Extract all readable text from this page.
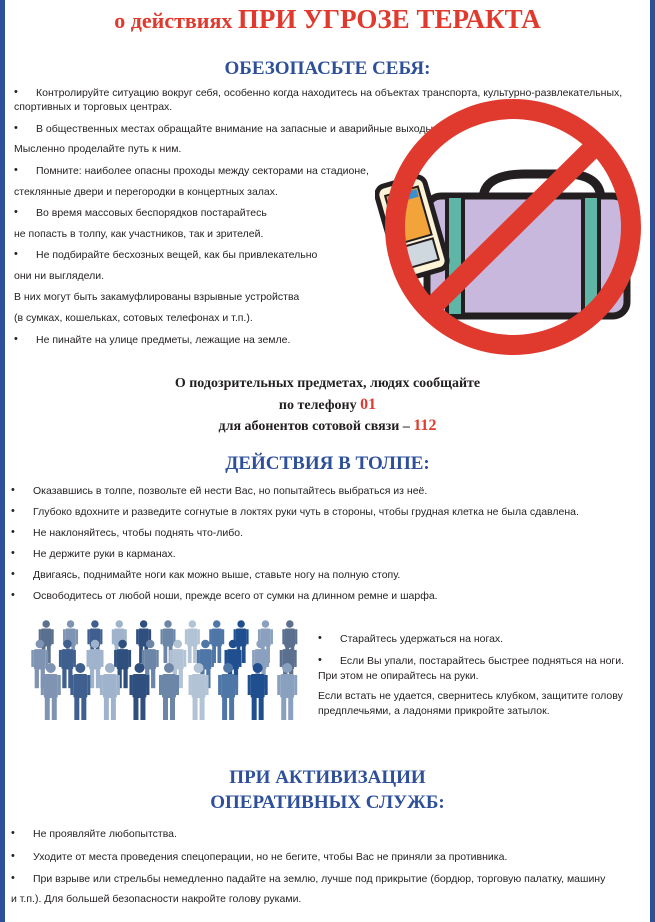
о действиях ПРИ УГРОЗЕ ТЕРАКТА
ОБЕЗОПАСЬТЕ СЕБЯ:
• Контролируйте ситуацию вокруг себя, особенно когда находитесь на объектах транспорта, культурно-развлекательных,
спортивных и торговых центрах.
• В общественных местах обращайте внимание на запасные и аварийные выходы.
Мысленно проделайте путь к ним.
• Помните: наиболее опасны проходы между секторами на стадионе,
стеклянные двери и перегородки в концертных залах.
• Во время массовых беспорядков постарайтесь
не попасть в толпу, как участников, так и зрителей.
• Не подбирайте бесхозных вещей, как бы привлекательно
они ни выглядели.
В них могут быть закамуфлированы взрывные устройства
(в сумках, кошельках, сотовых телефонах и т.п.).
• Не пинайте на улице предметы, лежащие на земле.
О подозрительных предметах, людях сообщайте
по телефону 01
для абонентов сотовой связи – 112
ДЕЙСТВИЯ В ТОЛПЕ:
• Оказавшись в толпе, позвольте ей нести Вас, но попытайтесь выбраться из неё.
• Глубоко вдохните и разведите согнутые в локтях руки чуть в стороны, чтобы грудная клетка не была сдавлена.
• Не наклоняйтесь, чтобы поднять что-либо.
• Не держите руки в карманах.
• Двигаясь, поднимайте ноги как можно выше, ставьте ногу на полную стопу.
• Освободитесь от любой ноши, прежде всего от сумки на длинном ремне и шарфа.
• Старайтесь удержаться на ногах.
• Если Вы упали, постарайтесь быстрее подняться на ноги.
При этом не опирайтесь на руки.
Если встать не удается, свернитесь клубком, защитите голову
предплечьями, а ладонями прикройте затылок.
ПРИ АКТИВИЗАЦИИ
ОПЕРАТИВНЫХ СЛУЖБ:
• Не проявляйте любопытства.
• Уходите от места проведения спецоперации, но не бегите, чтобы Вас не приняли за противника.
• При взрыве или стрельбы немедленно падайте на землю, лучше под прикрытие (бордюр, торговую палатку, машину
и т.п.). Для большей безопасности накройте голову руками.
